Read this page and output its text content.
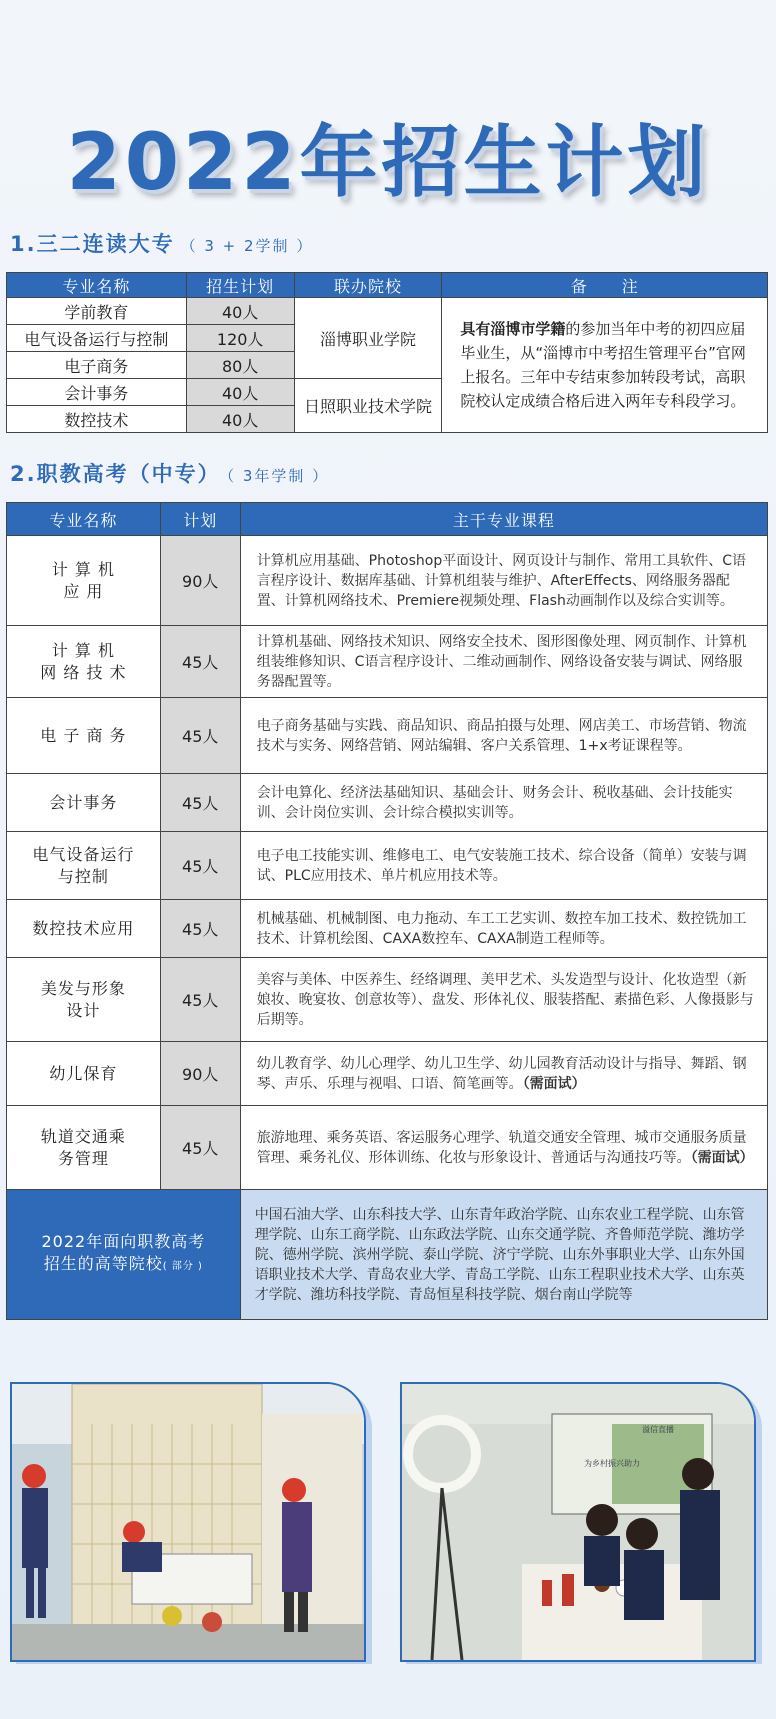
2022年招生计划
1.三二连读大专 （ 3 + 2学制 ）
专业名称	招生计划	联办院校	备　　注
学前教育	40人	淄博职业学院	具有淄博市学籍的参加当年中考的初四应届毕业生，从“淄博市中考招生管理平台”官网上报名。三年中专结束参加转段考试，高职院校认定成绩合格后进入两年专科段学习。
电气设备运行与控制	120人		
电子商务	80人		
会计事务	40人	日照职业技术学院	
数控技术	40人		
2.职教高考（中专） （ 3年学制 ）
专业名称	计划	主干专业课程
计 算 机
应 用	90人	计算机应用基础、Photoshop平面设计、网页设计与制作、常用工具软件、C语言程序设计、数据库基础、计算机组装与维护、AfterEffects、网络服务器配置、计算机网络技术、Premiere视频处理、Flash动画制作以及综合实训等。
计 算 机
网 络 技 术	45人	计算机基础、网络技术知识、网络安全技术、图形图像处理、网页制作、计算机组装维修知识、C语言程序设计、二维动画制作、网络设备安装与调试、网络服务器配置等。
电 子 商 务	45人	电子商务基础与实践、商品知识、商品拍摄与处理、网店美工、市场营销、物流技术与实务、网络营销、网站编辑、客户关系管理、1+x考证课程等。
会计事务	45人	会计电算化、经济法基础知识、基础会计、财务会计、税收基础、会计技能实训、会计岗位实训、会计综合模拟实训等。
电气设备运行
与控制	45人	电子电工技能实训、维修电工、电气安装施工技术、综合设备（简单）安装与调试、PLC应用技术、单片机应用技术等。
数控技术应用	45人	机械基础、机械制图、电力拖动、车工工艺实训、数控车加工技术、数控铣加工技术、计算机绘图、CAXA数控车、CAXA制造工程师等。
美发与形象
设计	45人	美容与美体、中医养生、经络调理、美甲艺术、头发造型与设计、化妆造型（新娘妆、晚宴妆、创意妆等）、盘发、形体礼仪、服装搭配、素描色彩、人像摄影与后期等。
幼儿保育	90人	幼儿教育学、幼儿心理学、幼儿卫生学、幼儿园教育活动设计与指导、舞蹈、钢琴、声乐、乐理与视唱、口语、简笔画等。（需面试）
轨道交通乘
务管理	45人	旅游地理、乘务英语、客运服务心理学、轨道交通安全管理、城市交通服务质量管理、乘务礼仪、形体训练、化妆与形象设计、普通话与沟通技巧等。（需面试）
2022年面向职教高考
招生的高等院校( 部分 )		中国石油大学、山东科技大学、山东青年政治学院、山东农业工程学院、山东管理学院、山东工商学院、山东政法学院、山东交通学院、齐鲁师范学院、潍坊学院、德州学院、滨州学院、泰山学院、济宁学院、山东外事职业大学、山东外国语职业技术大学、青岛农业大学、青岛工学院、山东工程职业技术大学、山东英才学院、潍坊科技学院、青岛恒星科技学院、烟台南山学院等
溢信直播
为乡村振兴助力
